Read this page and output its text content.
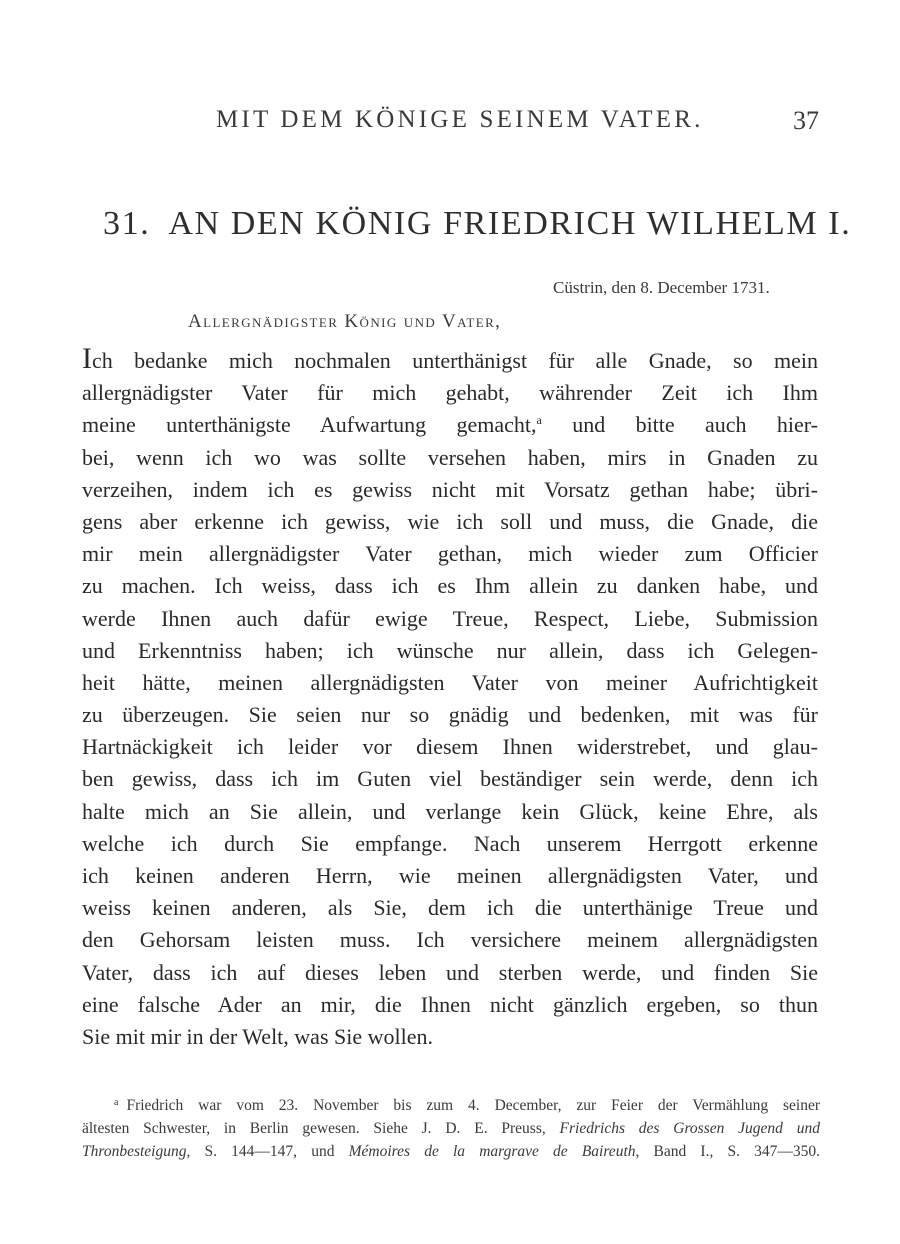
MIT DEM KÖNIGE SEINEM VATER.	37
31. AN DEN KÖNIG FRIEDRICH WILHELM I.
Cüstrin, den 8. December 1731.
Allergnädigster König und Vater,
Ich bedanke mich nochmalen unterthänigst für alle Gnade, so mein
allergnädigster Vater für mich gehabt, währender Zeit ich Ihm
meine unterthänigste Aufwartung gemacht,$^a$ und bitte auch hier-
bei, wenn ich wo was sollte versehen haben, mirs in Gnaden zu
verzeihen, indem ich es gewiss nicht mit Vorsatz gethan habe; übri-
gens aber erkenne ich gewiss, wie ich soll und muss, die Gnade, die
mir mein allergnädigster Vater gethan, mich wieder zum Officier
zu machen. Ich weiss, dass ich es Ihm allein zu danken habe, und
werde Ihnen auch dafür ewige Treue, Respect, Liebe, Submission
und Erkenntniss haben; ich wünsche nur allein, dass ich Gelegen-
heit hätte, meinen allergnädigsten Vater von meiner Aufrichtigkeit
zu überzeugen. Sie seien nur so gnädig und bedenken, mit was für
Hartnäckigkeit ich leider vor diesem Ihnen widerstrebet, und glau-
ben gewiss, dass ich im Guten viel beständiger sein werde, denn ich
halte mich an Sie allein, und verlange kein Glück, keine Ehre, als
welche ich durch Sie empfange. Nach unserem Herrgott erkenne
ich keinen anderen Herrn, wie meinen allergnädigsten Vater, und
weiss keinen anderen, als Sie, dem ich die unterthänige Treue und
den Gehorsam leisten muss. Ich versichere meinem allergnädigsten
Vater, dass ich auf dieses leben und sterben werde, und finden Sie
eine falsche Ader an mir, die Ihnen nicht gänzlich ergeben, so thun
Sie mit mir in der Welt, was Sie wollen.
$^a$ Friedrich war vom 23. November bis zum 4. December, zur Feier der Vermählung seiner
ältesten Schwester, in Berlin gewesen. Siehe J. D. E. Preuss, Friedrichs des Grossen Jugend und
Thronbesteigung, S. 144—147, und Mémoires de la margrave de Baireuth, Band I., S. 347—350.
